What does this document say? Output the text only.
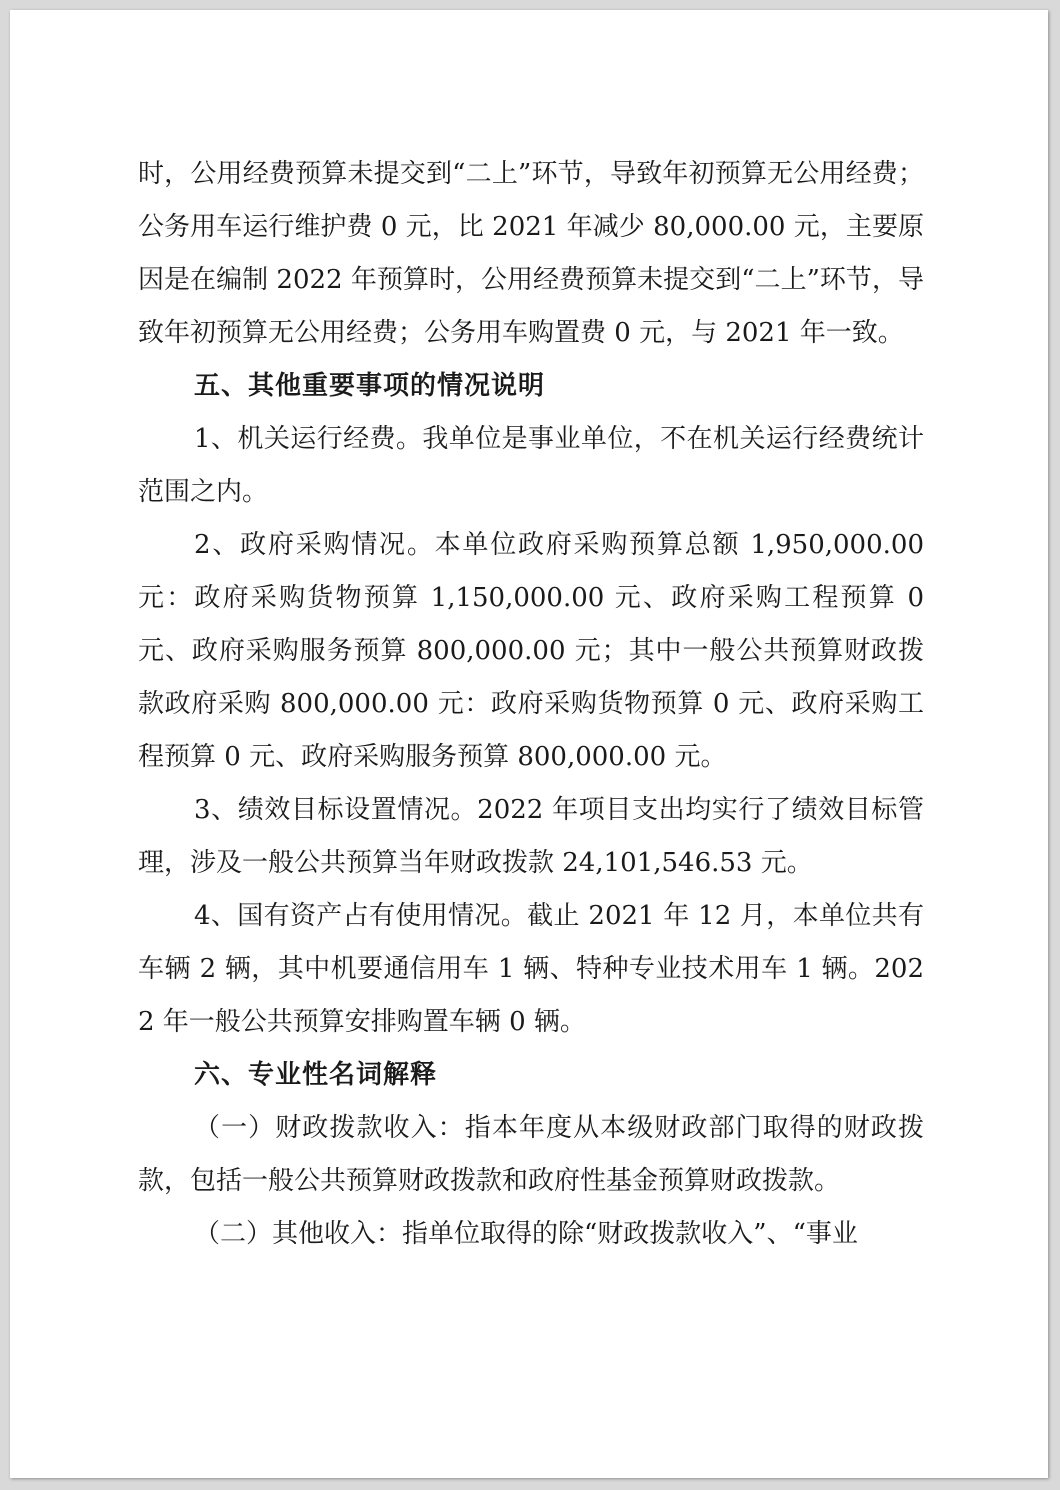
时，公用经费预算未提交到“二上”环节，导致年初预算无公用经费；公务用车运行维护费 0 元，比 2021 年减少 80,000.00 元，主要原因是在编制 2022 年预算时，公用经费预算未提交到“二上”环节，导致年初预算无公用经费；公务用车购置费 0 元，与 2021 年一致。

五、其他重要事项的情况说明

1、机关运行经费。我单位是事业单位，不在机关运行经费统计范围之内。

2、政府采购情况。本单位政府采购预算总额 1,950,000.00 元：政府采购货物预算 1,150,000.00 元、政府采购工程预算 0 元、政府采购服务预算 800,000.00 元；其中一般公共预算财政拨款政府采购 800,000.00 元：政府采购货物预算 0 元、政府采购工程预算 0 元、政府采购服务预算 800,000.00 元。

3、绩效目标设置情况。2022 年项目支出均实行了绩效目标管理，涉及一般公共预算当年财政拨款 24,101,546.53 元。

4、国有资产占有使用情况。截止 2021 年 12 月，本单位共有车辆 2 辆，其中机要通信用车 1 辆、特种专业技术用车 1 辆。2022 年一般公共预算安排购置车辆 0 辆。

六、专业性名词解释

（一）财政拨款收入：指本年度从本级财政部门取得的财政拨款，包括一般公共预算财政拨款和政府性基金预算财政拨款。

（二）其他收入：指单位取得的除“财政拨款收入”、“事业
